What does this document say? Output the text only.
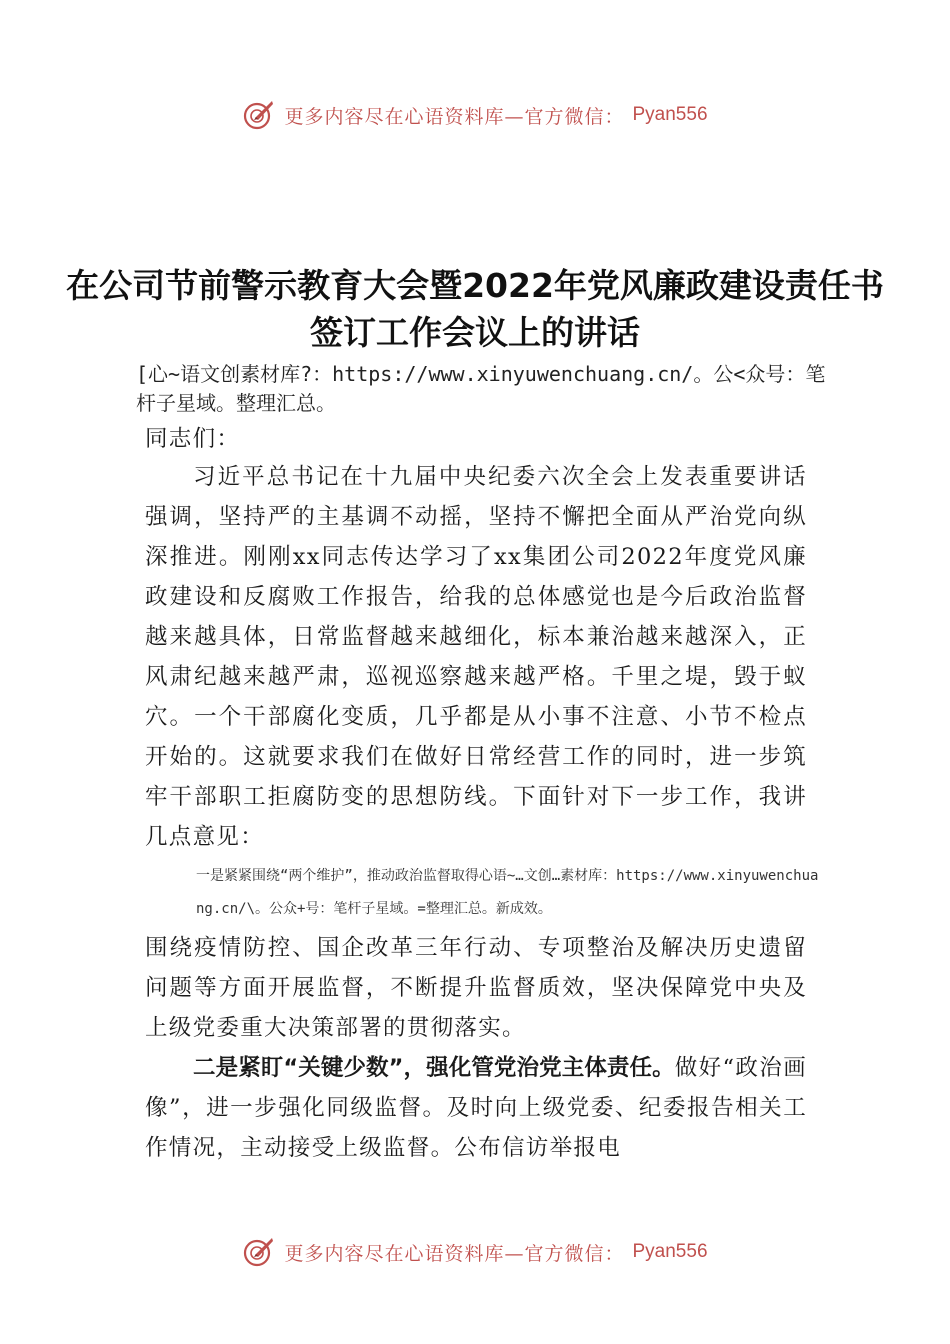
更多内容尽在心语资料库—官方微信： Pyan556
在公司节前警示教育大会暨2022年党风廉政建设责任书签订工作会议上的讲话
[心~语文创素材库?：https://www.xinyuwenchuang.cn/。公<众号：笔杆子星域。整理汇总。
同志们：
习近平总书记在十九届中央纪委六次全会上发表重要讲话强调，坚持严的主基调不动摇，坚持不懈把全面从严治党向纵深推进。刚刚xx同志传达学习了xx集团公司2022年度党风廉政建设和反腐败工作报告，给我的总体感觉也是今后政治监督越来越具体，日常监督越来越细化，标本兼治越来越深入，正风肃纪越来越严肃，巡视巡察越来越严格。千里之堤，毁于蚁穴。一个干部腐化变质，几乎都是从小事不注意、小节不检点开始的。这就要求我们在做好日常经营工作的同时，进一步筑牢干部职工拒腐防变的思想防线。下面针对下一步工作，我讲几点意见：
一是紧紧围绕“两个维护”，推动政治监督取得心语~…文创…素材库：https://www.xinyuwenchuang.cn/\。公众+号：笔杆子星域。=整理汇总。新成效。
围绕疫情防控、国企改革三年行动、专项整治及解决历史遗留问题等方面开展监督，不断提升监督质效，坚决保障党中央及上级党委重大决策部署的贯彻落实。
二是紧盯“关键少数”，强化管党治党主体责任。做好“政治画像”，进一步强化同级监督。及时向上级党委、纪委报告相关工作情况，主动接受上级监督。公布信访举报电
更多内容尽在心语资料库—官方微信： Pyan556
